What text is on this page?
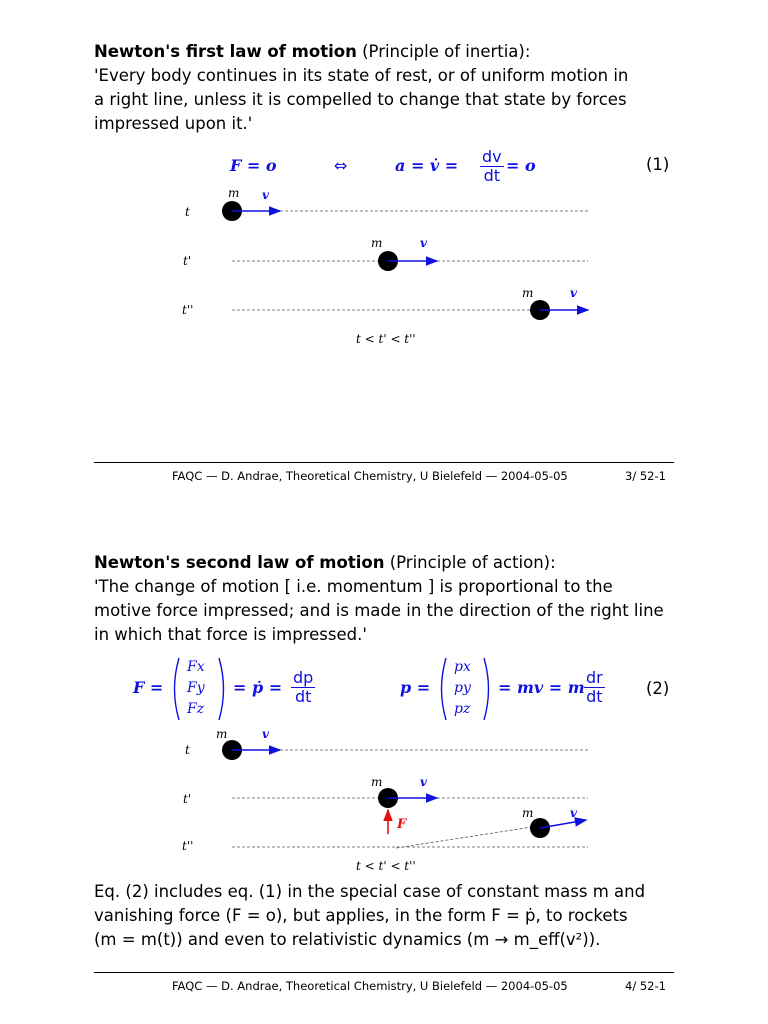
Newton's first law of motion (Principle of inertia):
'Every body continues in its state of rest, or of uniform motion in
a right line, unless it is compelled to change that state by forces
impressed upon it.'
F = o	⇔	a = v̇ = $\frac{dv}{dt} = o$	(1)
t
m v
t'
m	v
t''
m	v
t < t' < t''
FAQC — D. Andrae, Theoretical Chemistry, U Bielefeld — 2004-05-05	3/ 52-1
Newton's second law of motion (Principle of action):
'The change of motion [ i.e. momentum ] is proportional to the
motive force impressed; and is made in the direction of the right line
in which that force is impressed.'
F =
Fx
Fy
Fz
= ṗ = $\frac{dp}{dt}$	p =
px
py
pz
= mv = m $\frac{dr}{dt}$	(2)
t
m	v
t'
m	v
F
t''
m	v
t < t' < t''
Eq. (2) includes eq. (1) in the special case of constant mass m and
vanishing force (F = o), but applies, in the form F = ṗ, to rockets
(m = m(t)) and even to relativistic dynamics (m → m_eff(v²)).
FAQC — D. Andrae, Theoretical Chemistry, U Bielefeld — 2004-05-05	4/ 52-1
